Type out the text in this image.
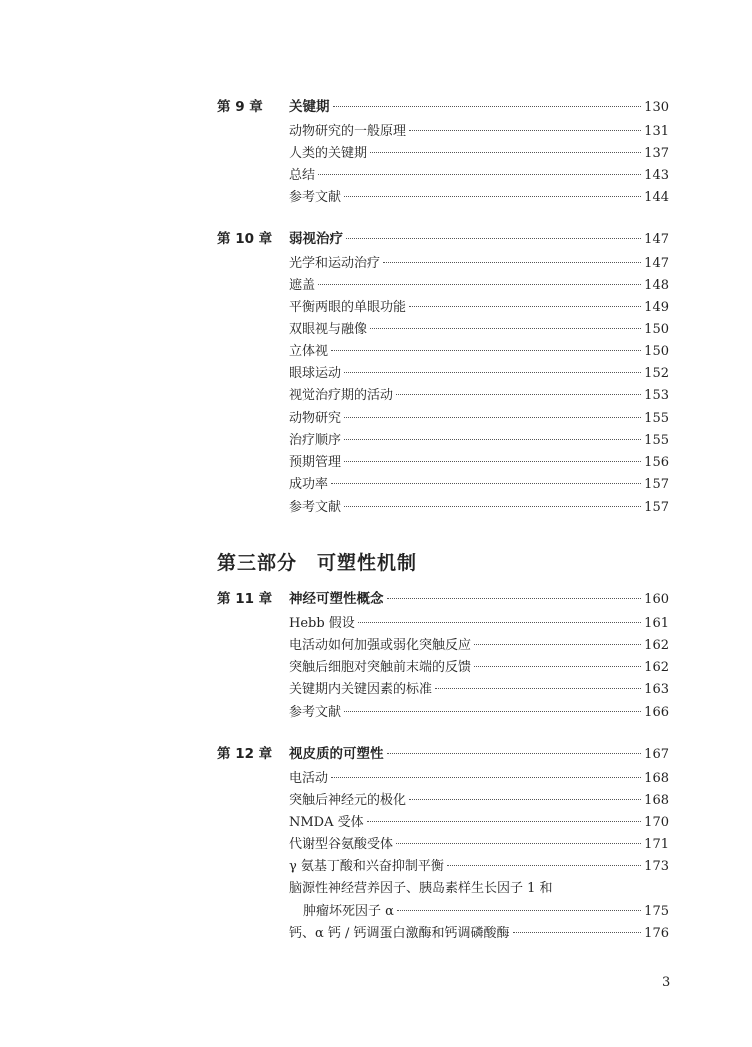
第 9 章	关键期	130
动物研究的一般原理	131
人类的关键期	137
总结	143
参考文献	144
第 10 章	弱视治疗	147
光学和运动治疗	147
遮盖	148
平衡两眼的单眼功能	149
双眼视与融像	150
立体视	150
眼球运动	152
视觉治疗期的活动	153
动物研究	155
治疗顺序	155
预期管理	156
成功率	157
参考文献	157
第三部分　可塑性机制
第 11 章	神经可塑性概念	160
Hebb 假设	161
电活动如何加强或弱化突触反应	162
突触后细胞对突触前末端的反馈	162
关键期内关键因素的标准	163
参考文献	166
第 12 章	视皮质的可塑性	167
电活动	168
突触后神经元的极化	168
NMDA 受体	170
代谢型谷氨酸受体	171
γ 氨基丁酸和兴奋抑制平衡	173
脑源性神经营养因子、胰岛素样生长因子 1 和
肿瘤坏死因子 α	175
钙、α 钙 / 钙调蛋白激酶和钙调磷酸酶	176
3
